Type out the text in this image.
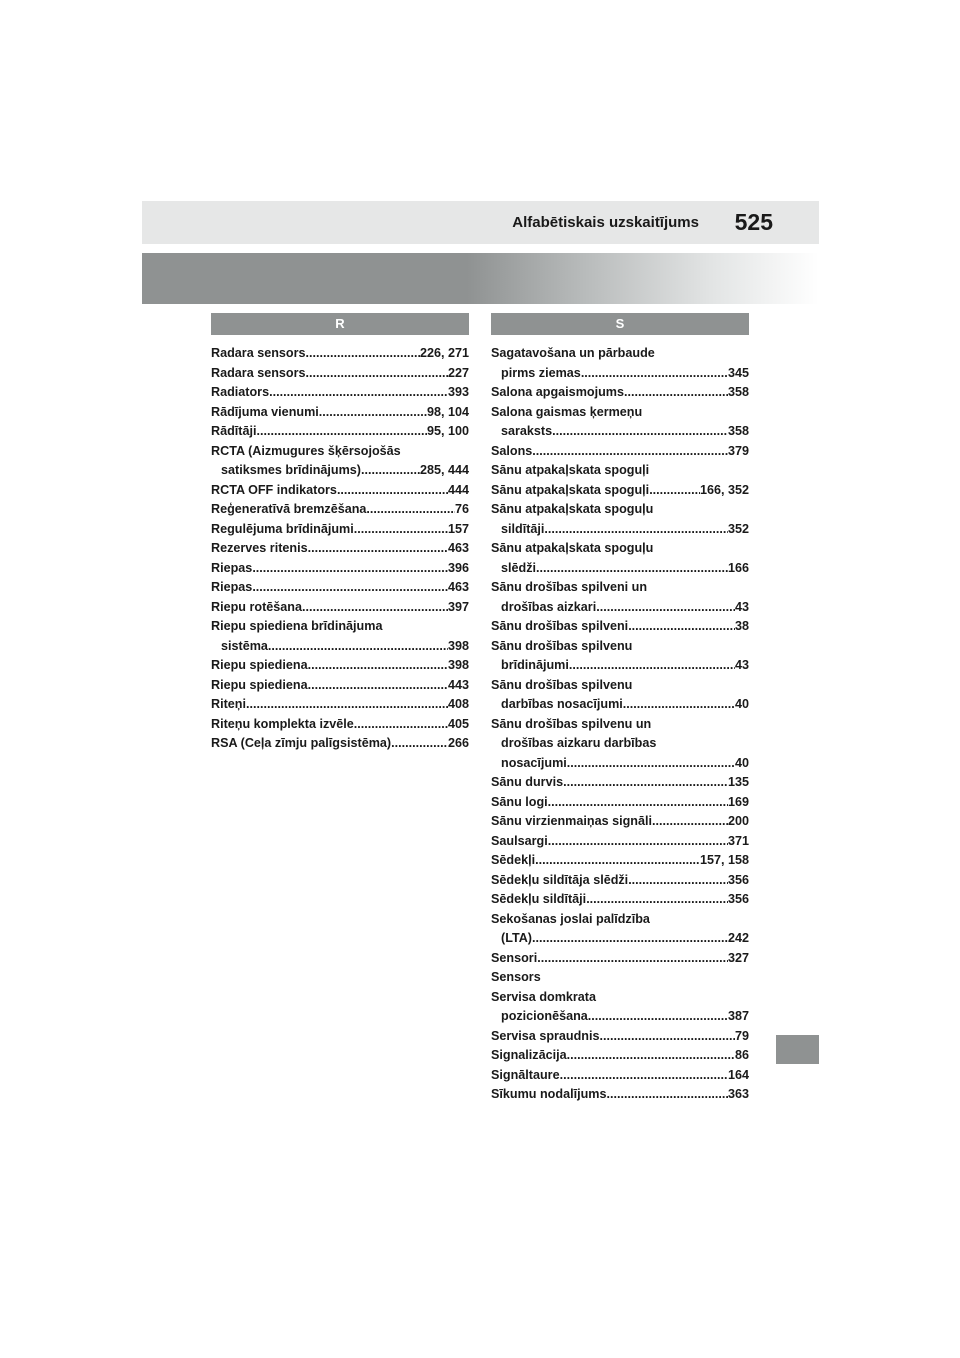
Alfabētiskais uzskaitījums 525
R
Radara sensors .....	226, 271
Radara sensors .....	227
Radiators .....	393
Rādījuma vienumi .....	98, 104
Rādītāji .....	95, 100
RCTA (Aizmugures šķērsojošās
satiksmes brīdinājums) .....	285, 444
RCTA OFF indikators .....	444
Reģeneratīvā bremzēšana .....	76
Regulējuma brīdinājumi .....	157
Rezerves ritenis .....	463
Riepas .....	396
Riepas .....	463
Riepu rotēšana .....	397
Riepu spiediena brīdinājuma
sistēma .....	398
Riepu spiediena .....	398
Riepu spiediena .....	443
Riteņi .....	408
Riteņu komplekta izvēle .....	405
RSA (Ceļa zīmju palīgsistēma) .....	266
S
Sagatavošana un pārbaude
pirms ziemas .....	345
Salona apgaismojums .....	358
Salona gaismas ķermeņu
saraksts .....	358
Salons .....	379
Sānu atpakaļskata spoguļi
Sānu atpakaļskata spoguļi .....	166, 352
Sānu atpakaļskata spoguļu
sildītāji .....	352
Sānu atpakaļskata spoguļu
slēdži .....	166
Sānu drošības spilveni un
drošības aizkari .....	43
Sānu drošības spilveni .....	38
Sānu drošības spilvenu
brīdinājumi .....	43
Sānu drošības spilvenu
darbības nosacījumi .....	40
Sānu drošības spilvenu un
drošības aizkaru darbības
nosacījumi .....	40
Sānu durvis .....	135
Sānu logi .....	169
Sānu virzienmaiņas signāli .....	200
Saulsargi .....	371
Sēdekļi .....	157, 158
Sēdekļu sildītāja slēdži .....	356
Sēdekļu sildītāji .....	356
Sekošanas joslai palīdzība
(LTA) .....	242
Sensori .....	327
Sensors
Servisa domkrata
pozicionēšana .....	387
Servisa spraudnis .....	79
Signalizācija .....	86
Signāltaure .....	164
Sīkumu nodalījums .....	363
